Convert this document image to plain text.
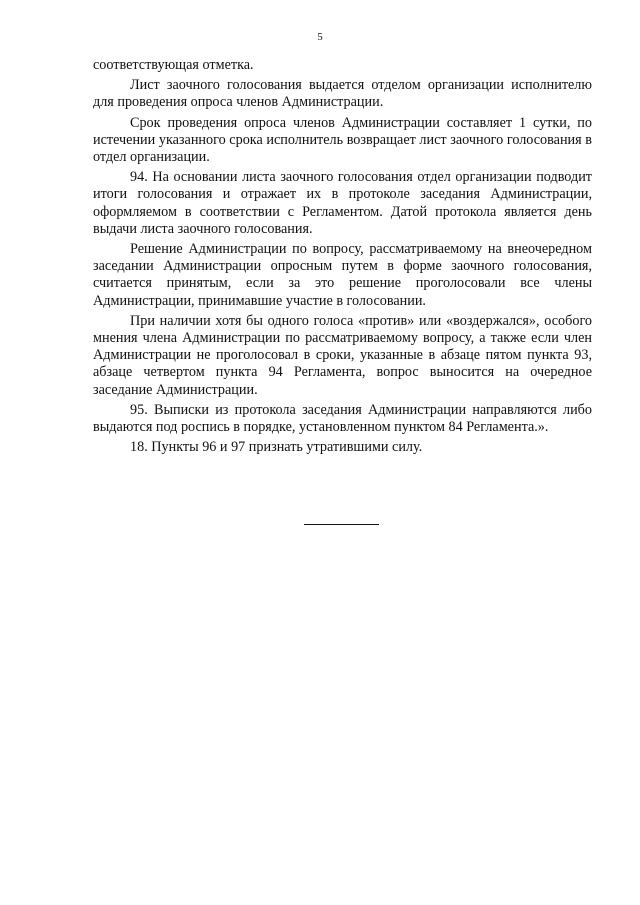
5

соответствующая отметка.

Лист заочного голосования выдается отделом организации исполнителю для проведения опроса членов Администрации.

Срок проведения опроса членов Администрации составляет 1 сутки, по истечении указанного срока исполнитель возвращает лист заочного голосования в отдел организации.

94. На основании листа заочного голосования отдел организации подводит итоги голосования и отражает их в протоколе заседания Администрации, оформляемом в соответствии с Регламентом. Датой протокола является день выдачи листа заочного голосования.

Решение Администрации по вопросу, рассматриваемому на внеочередном заседании Администрации опросным путем в форме заочного голосования, считается принятым, если за это решение проголосовали все члены Администрации, принимавшие участие в голосовании.

При наличии хотя бы одного голоса «против» или «воздержался», особого мнения члена Администрации по рассматриваемому вопросу, а также если член Администрации не проголосовал в сроки, указанные в абзаце пятом пункта 93, абзаце четвертом пункта 94 Регламента, вопрос выносится на очередное заседание Администрации.

95. Выписки из протокола заседания Администрации направляются либо выдаются под роспись в порядке, установленном пунктом 84 Регламента.».

18. Пункты 96 и 97 признать утратившими силу.
